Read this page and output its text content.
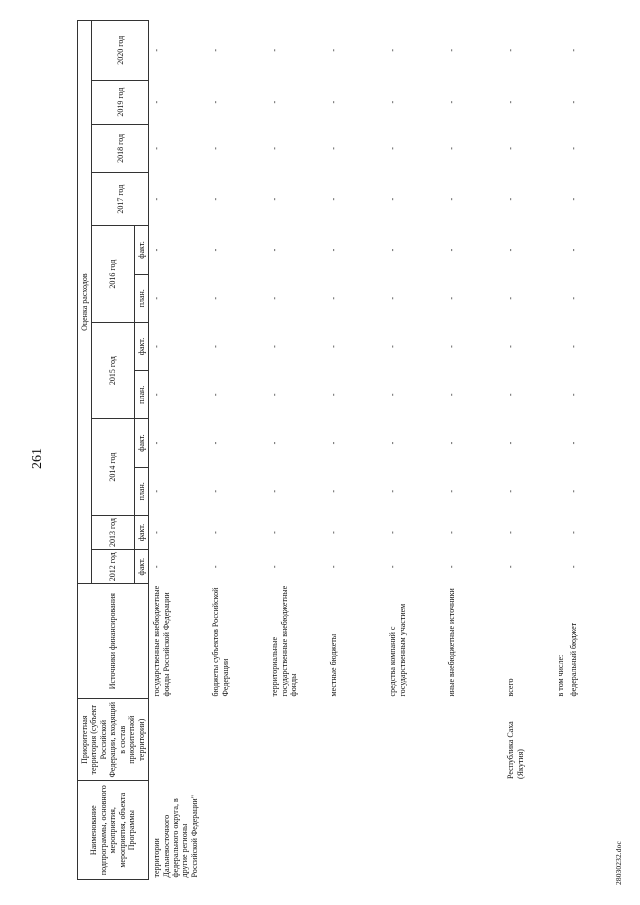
261
Наименование подпрограммы, основного мероприятия, мероприятия, объекта Программы	Приоритетная территория (субъект Российской Федерации, входящий в состав приоритетной территории)	Источники финансирования	Оценка расходов											
			2012 год	2013 год	2014 год		2015 год		2016 год		2017 год	2018 год	2019 год	2020 год
			факт.	факт.	план.	факт.	план.	факт.	план.	факт.				
территории Дальневосточного федерального округа, в другие регионы Российской Федерации"		государственные внебюджетные фонды Российской Федерации	-	-	-	-	-	-	-	-	-	-	-	-
		бюджеты субъектов Российской Федерации	-	-	-	-	-	-	-	-	-	-	-	-
		территориальные государственные внебюджетные фонды	-	-	-	-	-	-	-	-	-	-	-	-
		местные бюджеты	-	-	-	-	-	-	-	-	-	-	-	-
		средства компаний с государственным участием	-	-	-	-	-	-	-	-	-	-	-	-
		иные внебюджетные источники	-	-	-	-	-	-	-	-	-	-	-	-
	Республика Саха (Якутия)	всего	-	-	-	-	-	-	-	-	-	-	-	-
		в том числе:												
		федеральный бюджет	-	-	-	-	-	-	-	-	-	-	-	-
28030232.doc
